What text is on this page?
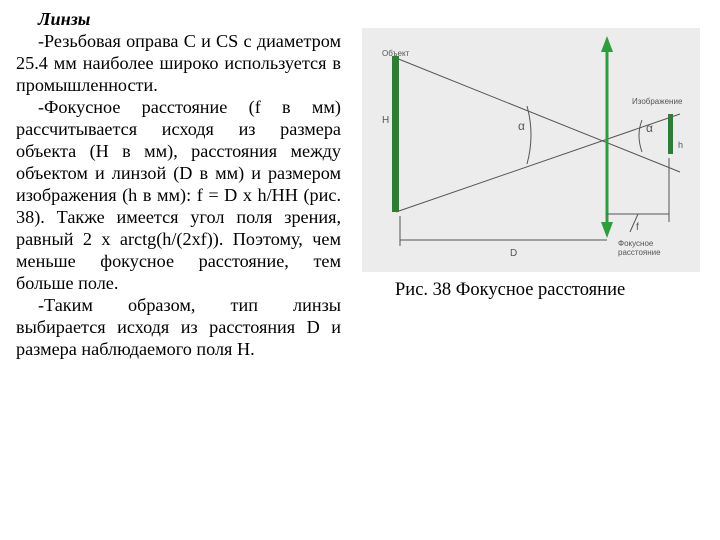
Линзы

-Резьбовая оправа С и CS с диаметром 25.4 мм наиболее широко используется в промышленности.

-Фокусное расстояние (f в мм) рассчитывается исходя из размера объекта (H в мм), расстояния между объектом и линзой (D в мм) и размером изображения (h в мм): f = D x h/HH (рис. 38). Также имеется угол поля зрения, равный 2 x arctg(h/(2xf)). Поэтому, чем меньше фокусное расстояние, тем больше поле.

-Таким образом, тип линзы выбирается исходя из расстояния D и размера наблюдаемого поля H.

Объект
H
Изображение
h
α	α
f
D
Фокусное
расстояние
Рис. 38 Фокусное расстояние
